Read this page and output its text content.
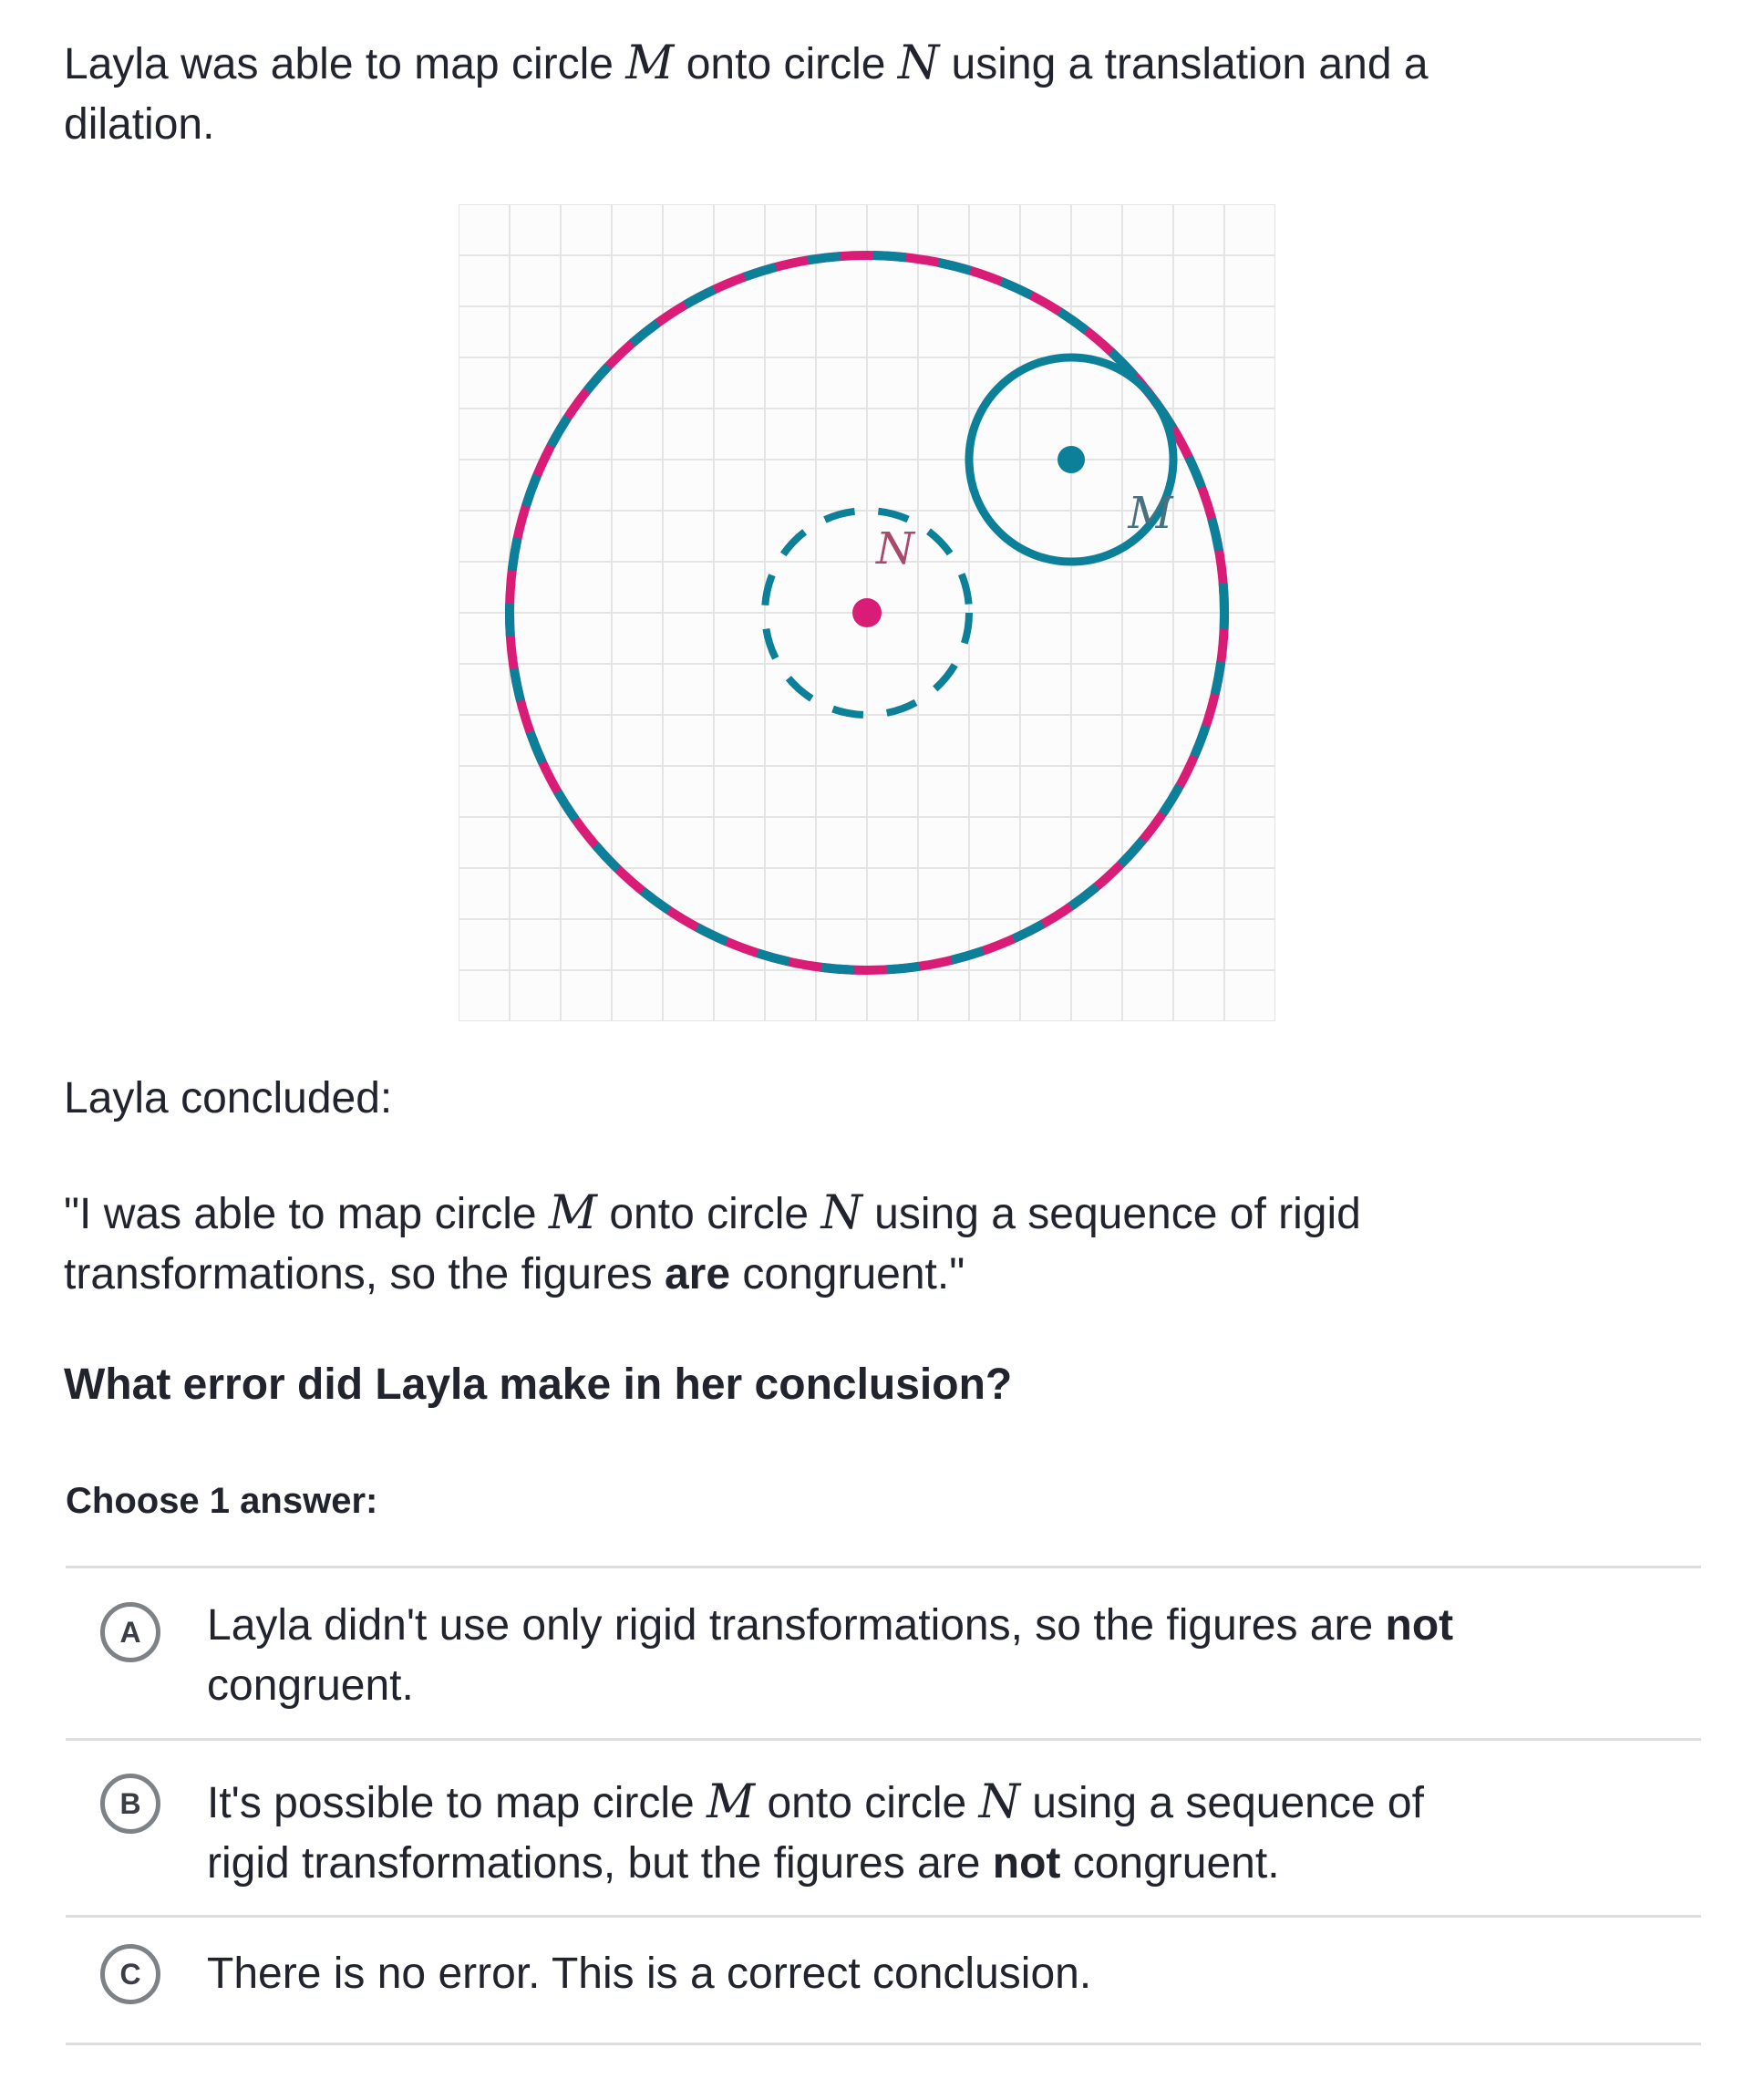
Layla was able to map circle M onto circle N using a translation and a
dilation.
N
M
Layla concluded:
"I was able to map circle M onto circle N using a sequence of rigid
transformations, so the figures are congruent."
What error did Layla make in her conclusion?
Choose 1 answer:
A Layla didn't use only rigid transformations, so the figures are not
congruent.
B It's possible to map circle M onto circle N using a sequence of
rigid transformations, but the figures are not congruent.
C There is no error. This is a correct conclusion.
